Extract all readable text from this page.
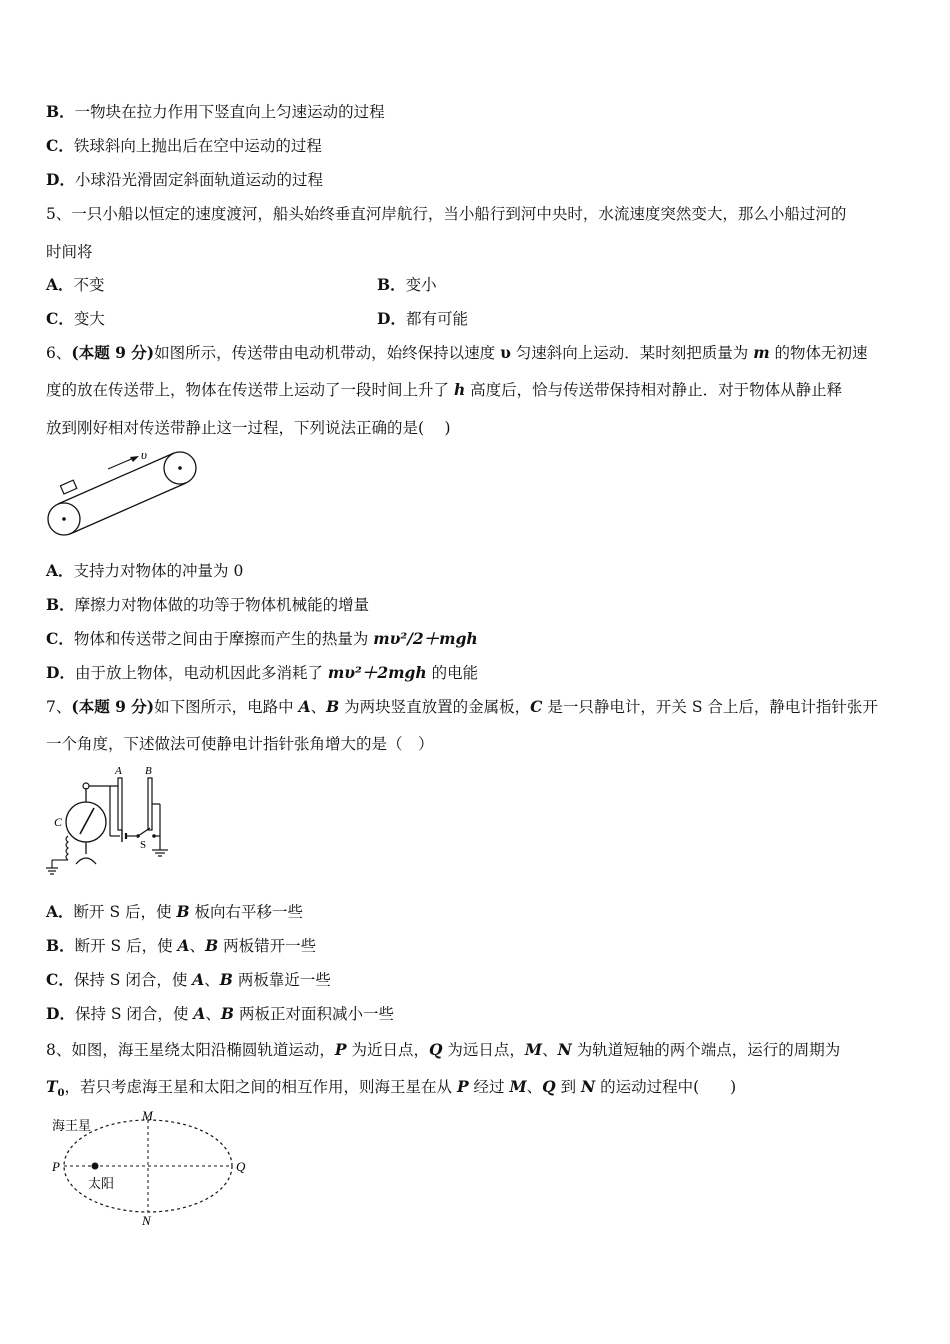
B．一物块在拉力作用下竖直向上匀速运动的过程
C．铁球斜向上抛出后在空中运动的过程
D．小球沿光滑固定斜面轨道运动的过程
5、一只小船以恒定的速度渡河，船头始终垂直河岸航行，当小船行到河中央时，水流速度突然变大，那么小船过河的
时间将
A．不变	B．变小
C．变大	D．都有可能
6、(本题 9 分)如图所示，传送带由电动机带动，始终保持以速度 υ 匀速斜向上运动．某时刻把质量为 m 的物体无初速
度的放在传送带上，物体在传送带上运动了一段时间上升了 h 高度后，恰与传送带保持相对静止．对于物体从静止释
放到刚好相对传送带静止这一过程，下列说法正确的是(　 )
υ
A．支持力对物体的冲量为 0
B．摩擦力对物体做的功等于物体机械能的增量
C．物体和传送带之间由于摩擦而产生的热量为 mυ²/2＋mgh
D．由于放上物体，电动机因此多消耗了 mυ²＋2mgh 的电能
7、(本题 9 分)如下图所示，电路中 A、B 为两块竖直放置的金属板，C 是一只静电计，开关 S 合上后，静电计指针张开
一个角度，下述做法可使静电计指针张角增大的是（　）
C
A B
S
A．断开 S 后，使 B 板向右平移一些
B．断开 S 后，使 A、B 两板错开一些
C．保持 S 闭合，使 A、B 两板靠近一些
D．保持 S 闭合，使 A、B 两板正对面积减小一些
8、如图，海王星绕太阳沿椭圆轨道运动，P 为近日点，Q 为远日点，M、N 为轨道短轴的两个端点，运行的周期为
$T_0$，若只考虑海王星和太阳之间的相互作用，则海王星在从 P 经过 M、Q 到 N 的运动过程中(　　)
海王星
太阳
M
N
P	Q
